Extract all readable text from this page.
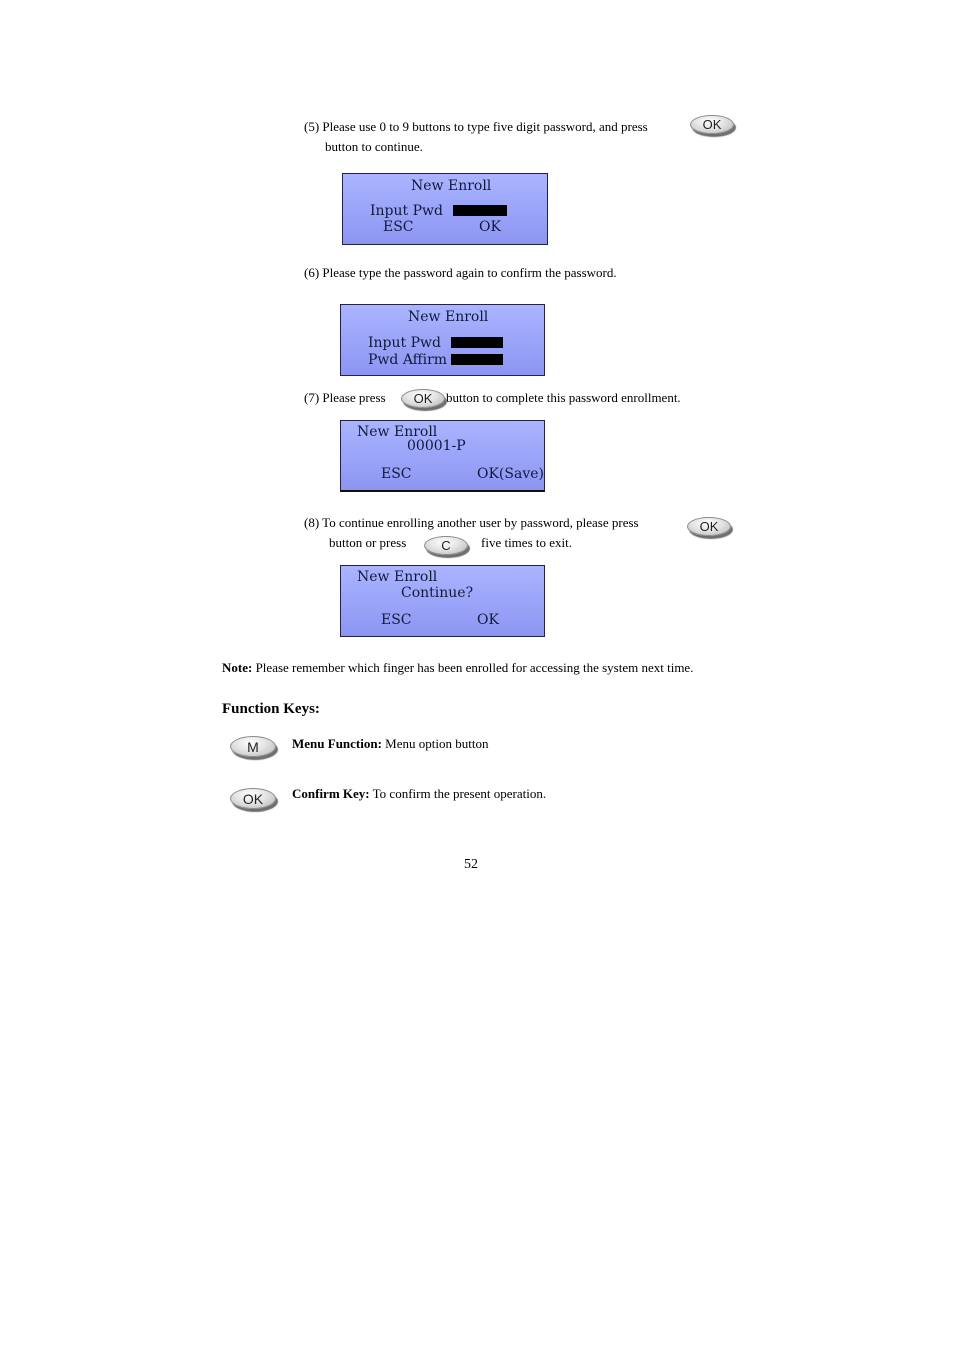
(5) Please use 0 to 9 buttons to type five digit password, and press	OK
button to continue.
New Enroll
Input Pwd
ESC	OK
(6) Please type the password again to confirm the password.
New Enroll
Input Pwd
Pwd Affirm
(7) Please press	OK	button to complete this password enrollment.
New Enroll
00001-P
ESC	OK(Save)
(8) To continue enrolling another user by password, please press	OK
button or press	C	five times to exit.
New Enroll
Continue?
ESC	OK
Note: Please remember which finger has been enrolled for accessing the system next time.
Function Keys:
M	Menu Function: Menu option button
OK	Confirm Key: To confirm the present operation.
52
